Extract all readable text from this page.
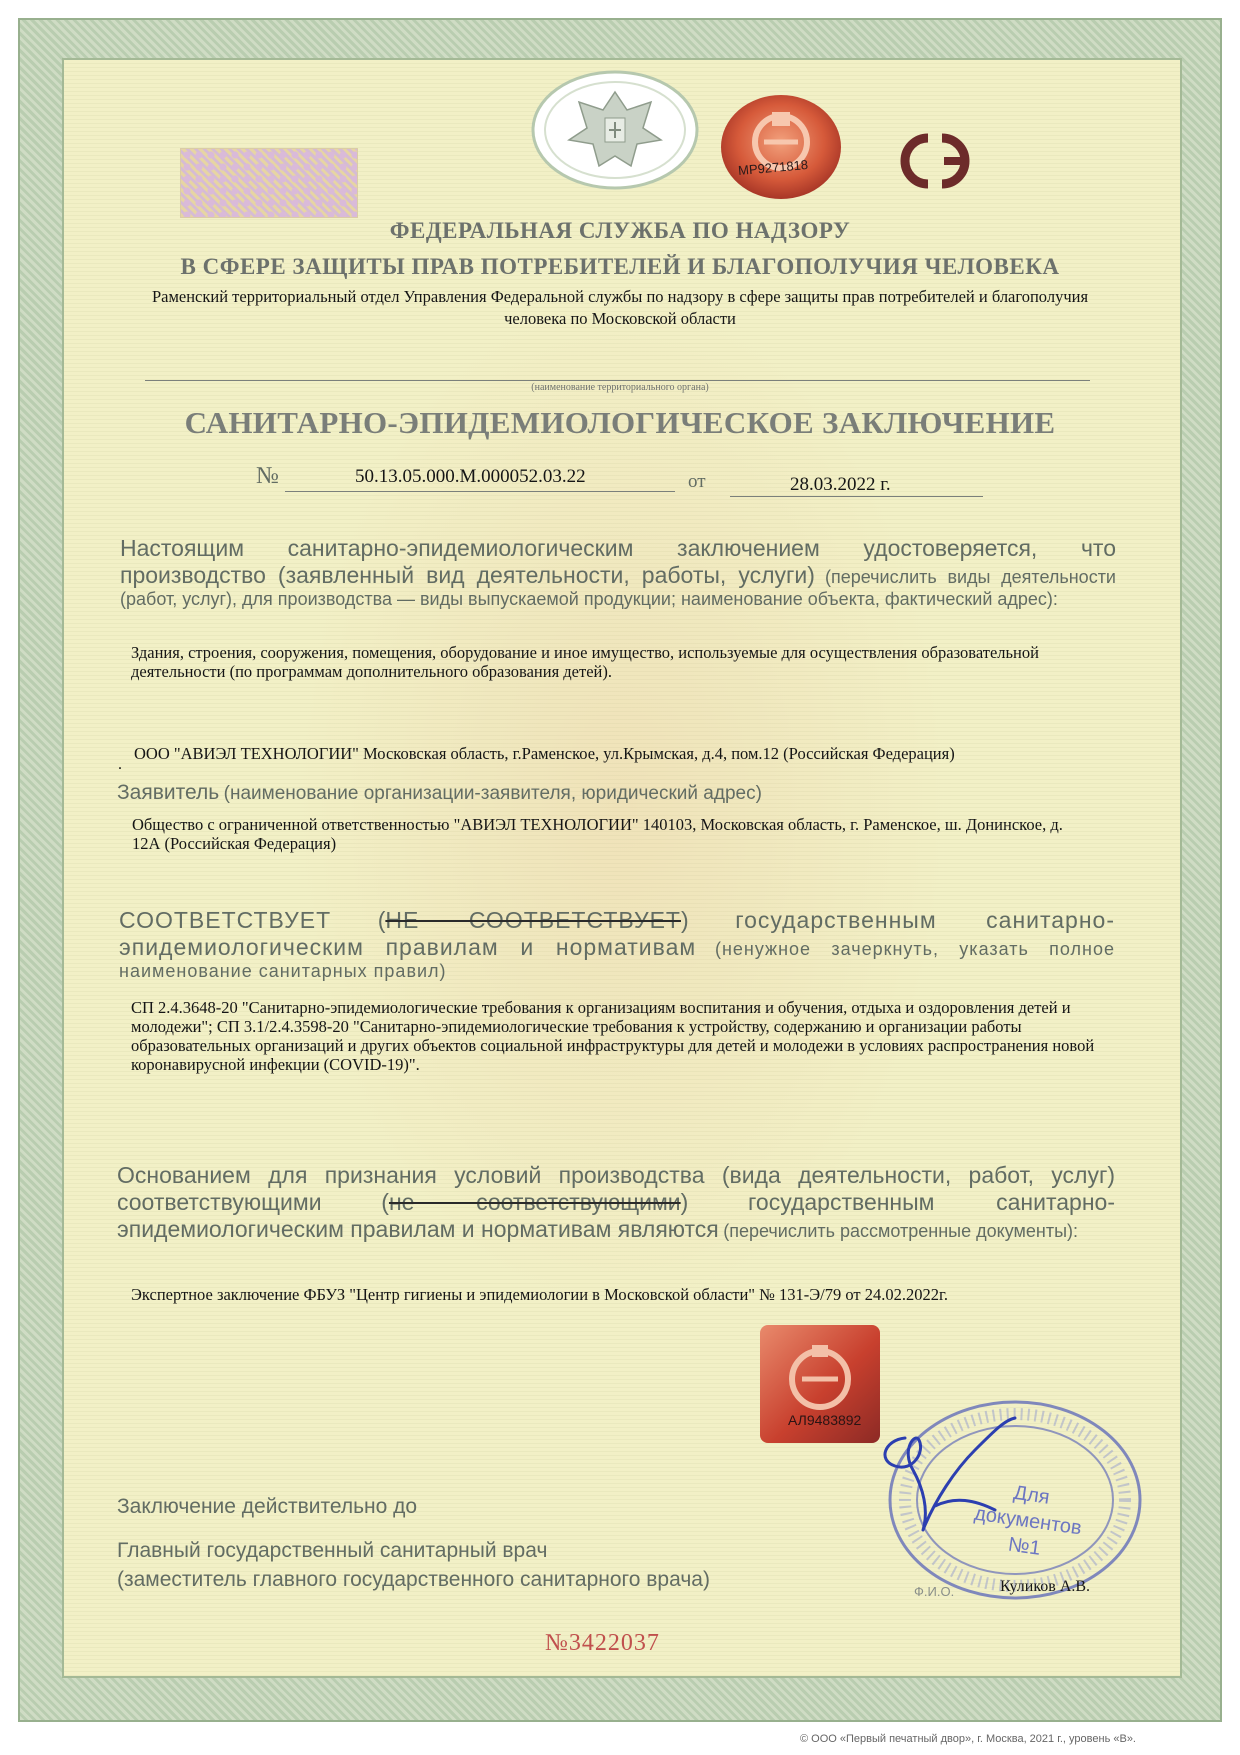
MP9271818
ФЕДЕРАЛЬНАЯ СЛУЖБА ПО НАДЗОРУ
В СФЕРЕ ЗАЩИТЫ ПРАВ ПОТРЕБИТЕЛЕЙ И БЛАГОПОЛУЧИЯ ЧЕЛОВЕКА
Раменский территориальный отдел Управления Федеральной службы по надзору в сфере защиты прав потребителей и благополучия человека по Московской области
(наименование территориального органа)
САНИТАРНО-ЭПИДЕМИОЛОГИЧЕСКОЕ ЗАКЛЮЧЕНИЕ
№	50.13.05.000.М.000052.03.22	от	28.03.2022 г.
Настоящим санитарно-эпидемиологическим заключением удостоверяется, что производство (заявленный вид деятельности, работы, услуги) (перечислить виды деятельности (работ, услуг), для производства — виды выпускаемой продукции; наименование объекта, фактический адрес):
Здания, строения, сооружения, помещения, оборудование и иное имущество, используемые для осуществления образовательной деятельности (по программам дополнительного образования детей).
ООО "АВИЭЛ ТЕХНОЛОГИИ" Московская область, г.Раменское, ул.Крымская, д.4, пом.12 (Российская Федерация)
.
Заявитель (наименование организации-заявителя, юридический адрес)
Общество с ограниченной ответственностью "АВИЭЛ ТЕХНОЛОГИИ" 140103, Московская область, г. Раменское, ш. Донинское, д. 12А (Российская Федерация)
СООТВЕТСТВУЕТ (НЕ СООТВЕТСТВУЕТ) государственным санитарно-эпидемиологическим правилам и нормативам (ненужное зачеркнуть, указать полное наименование санитарных правил)
СП 2.4.3648-20 "Санитарно-эпидемиологические требования к организациям воспитания и обучения, отдыха и оздоровления детей и молодежи"; СП 3.1/2.4.3598-20 "Санитарно-эпидемиологические требования к устройству, содержанию и организации работы образовательных организаций и других объектов социальной инфраструктуры для детей и молодежи в условиях распространения новой коронавирусной инфекции (COVID-19)".
Основанием для признания условий производства (вида деятельности, работ, услуг) соответствующими	(не соответствующими)	государственным санитарно-эпидемиологическим правилам и нормативам являются (перечислить рассмотренные документы):
Экспертное заключение ФБУЗ "Центр гигиены и эпидемиологии в Московской области" № 131-Э/79 от 24.02.2022г.
АЛ9483892
Для документов №1
Заключение действительно до
Главный государственный санитарный врач
(заместитель главного государственного санитарного врача)
Ф.И.О.	Куликов А.В.
№3422037
© ООО «Первый печатный двор», г. Москва, 2021 г., уровень «В».
